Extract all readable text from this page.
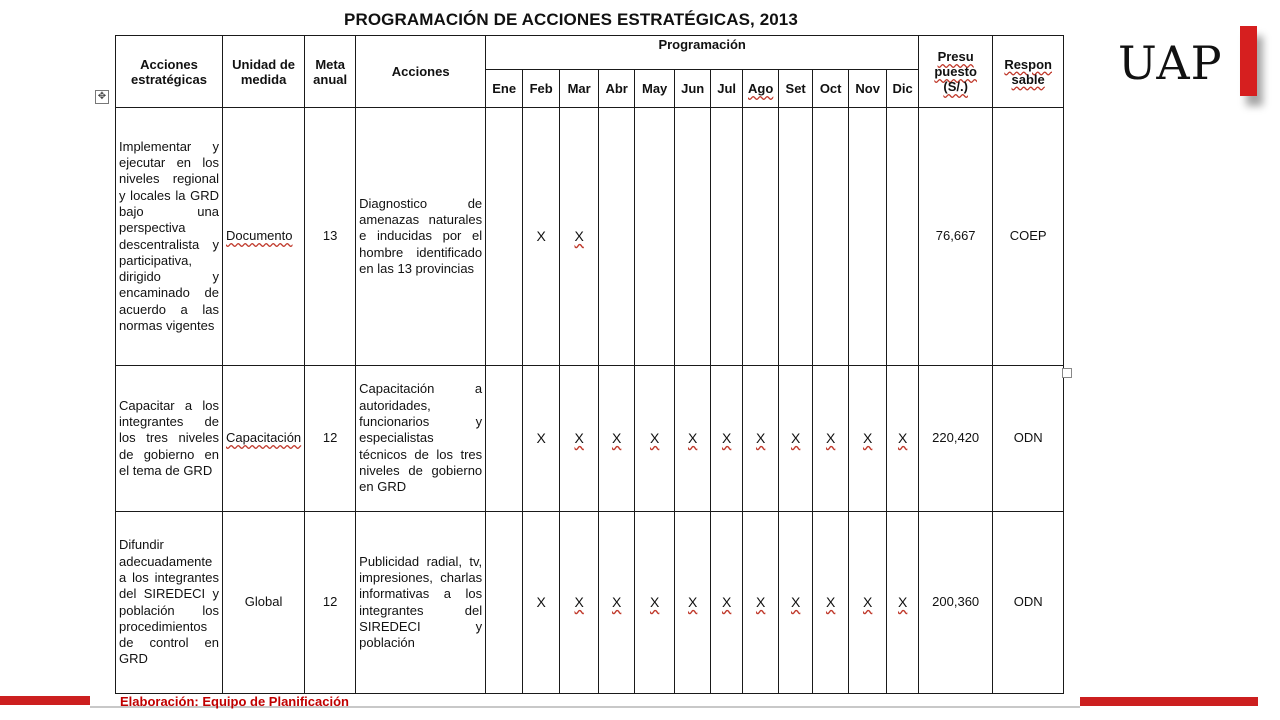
PROGRAMACIÓN DE ACCIONES ESTRATÉGICAS, 2013
✥
Acciones estratégicas	Unidad de medida	Meta anual	Acciones	Programación												Presu puesto (S/.)	Respon sable
				Ene	Feb	Mar	Abr	May	Jun	Jul	Ago	Set	Oct	Nov	Dic		
Implementar y ejecutar en los niveles regional y locales la GRD bajo una perspectiva descentralista y participativa, dirigido y encaminado de acuerdo a las normas vigentes	Documento	13	Diagnostico de amenazas naturales e inducidas por el hombre identificado en las 13 provincias		X	X										76,667	COEP
Capacitar a los integrantes de los tres niveles de gobierno en el tema de GRD	Capacitación	12	Capacitación a autoridades, funcionarios y especialistas técnicos de los tres niveles de gobierno en GRD		X	X	X	X	X	X	X	X	X	X	X	220,420	ODN
Difundir adecuadamente a los integrantes del SIREDECI y población los procedimientos de control en GRD	Global	12	Publicidad radial, tv, impresiones, charlas informativas a los integrantes del SIREDECI y población		X	X	X	X	X	X	X	X	X	X	X	200,360	ODN
Elaboración: Equipo de Planificación
UAP
